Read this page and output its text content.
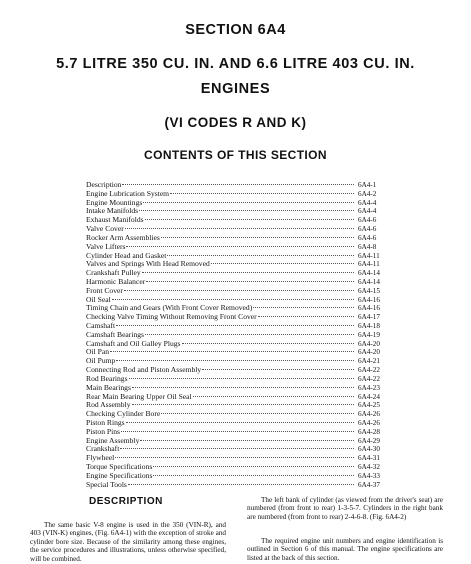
SECTION 6A4
5.7 LITRE 350 CU. IN. AND 6.6 LITRE 403 CU. IN. ENGINES
(VI CODES R AND K)
CONTENTS OF THIS SECTION
Description	6A4-1
Engine Lubrication System	6A4-2
Engine Mountings	6A4-4
Intake Manifolds	6A4-4
Exhaust Manifolds	6A4-6
Valve Cover	6A4-6
Rocker Arm Assemblies	6A4-6
Valve Lifters	6A4-8
Cylinder Head and Gasket	6A4-11
Valves and Springs With Head Removed	6A4-11
Crankshaft Pulley	6A4-14
Harmonic Balancer	6A4-14
Front Cover	6A4-15
Oil Seal	6A4-16
Timing Chain and Gears (With Front Cover Removed)	6A4-16
Checking Valve Timing Without Removing Front Cover	6A4-17
Camshaft	6A4-18
Camshaft Bearings	6A4-19
Camshaft and Oil Galley Plugs	6A4-20
Oil Pan	6A4-20
Oil Pump	6A4-21
Connecting Rod and Piston Assembly	6A4-22
Rod Bearings	6A4-22
Main Bearings	6A4-23
Rear Main Bearing Upper Oil Seal	6A4-24
Rod Assembly	6A4-25
Checking Cylinder Bore	6A4-26
Piston Rings	6A4-26
Piston Pins	6A4-28
Engine Assembly	6A4-29
Crankshaft	6A4-30
Flywheel	6A4-31
Torque Specifications	6A4-32
Engine Specifications	6A4-33
Special Tools	6A4-37
DESCRIPTION

The same basic V-8 engine is used in the 350 (VIN-R), and 403 (VIN-K) engines, (Fig. 6A4-1) with the exception of stroke and cylinder bore size. Because of the similarity among these engines, the service procedures and illustrations, unless otherwise specified, will be combined.

The left bank of cylinder (as viewed from the driver's seat) are numbered (from front to rear) 1-3-5-7. Cylinders in the right bank are numbered (from front to rear) 2-4-6-8. (Fig. 6A4-2)

The required engine unit numbers and engine identification is outlined in Section 6 of this manual. The engine specifications are listed at the back of this section.
